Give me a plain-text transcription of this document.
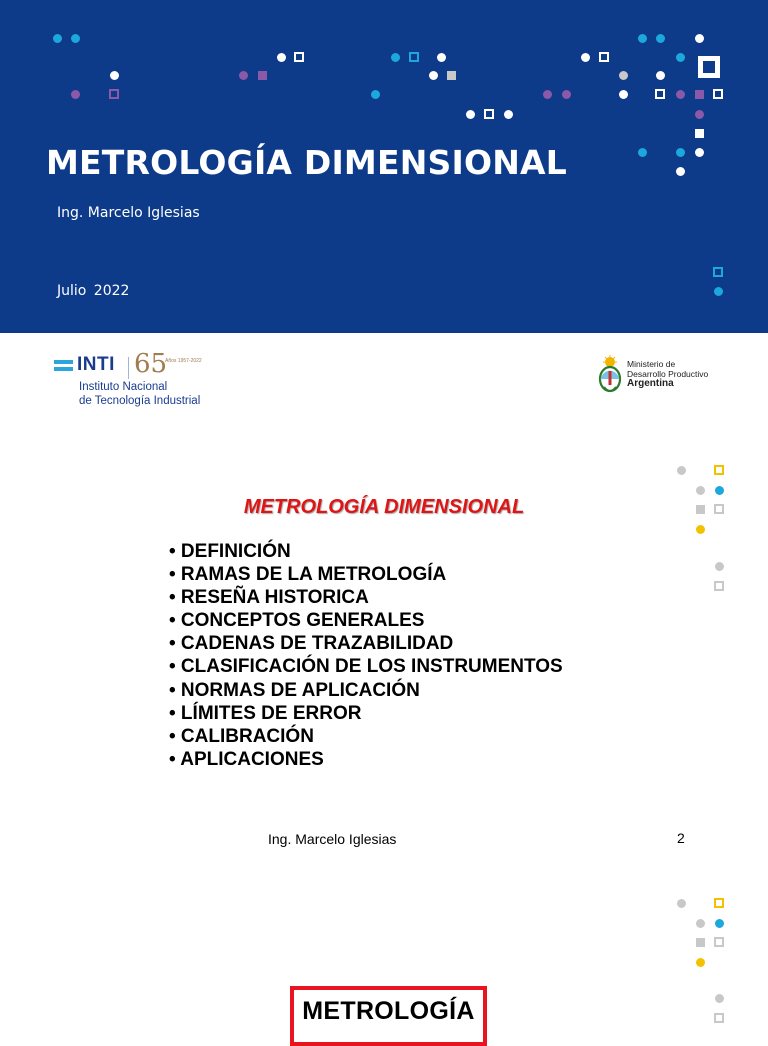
METROLOGÍA DIMENSIONAL
Ing. Marcelo Iglesias
Julio 2022
INTI 65
Años 1957-2022
Instituto Nacional
de Tecnología Industrial
Ministerio de
Desarrollo Productivo
Argentina
METROLOGÍA DIMENSIONAL
• DEFINICIÓN
• RAMAS DE LA METROLOGÍA
• RESEÑA HISTORICA
• CONCEPTOS GENERALES
• CADENAS DE TRAZABILIDAD
• CLASIFICACIÓN DE LOS INSTRUMENTOS
• NORMAS DE APLICACIÓN
• LÍMITES DE ERROR
• CALIBRACIÓN
• APLICACIONES
Ing. Marcelo Iglesias	2
METROLOGÍA
